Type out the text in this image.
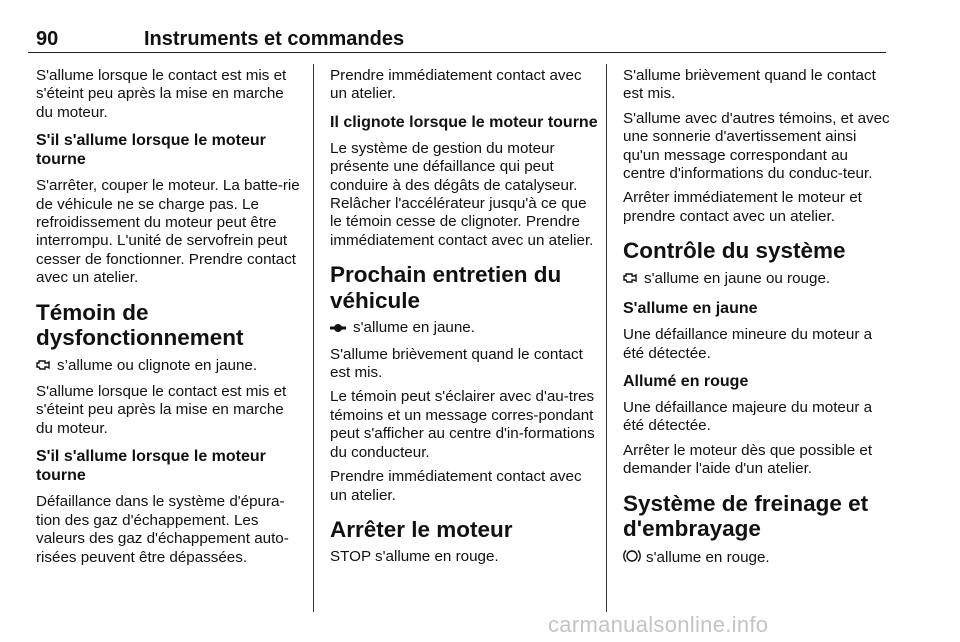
90	Instruments et commandes

S'allume lorsque le contact est mis et s'éteint peu après la mise en marche du moteur.

S'il s'allume lorsque le moteur tourne

S'arrêter, couper le moteur. La batte-rie de véhicule ne se charge pas. Le refroidissement du moteur peut être interrompu. L'unité de servofrein peut cesser de fonctionner. Prendre contact avec un atelier.

Témoin de dysfonctionnement

s’allume ou clignote en jaune.

S'allume lorsque le contact est mis et s'éteint peu après la mise en marche du moteur.

S'il s'allume lorsque le moteur tourne

Défaillance dans le système d'épura-tion des gaz d'échappement. Les valeurs des gaz d'échappement auto-risées peuvent être dépassées.

Prendre immédiatement contact avec un atelier.

Il clignote lorsque le moteur tourne

Le système de gestion du moteur présente une défaillance qui peut conduire à des dégâts de catalyseur. Relâcher l'accélérateur jusqu'à ce que le témoin cesse de clignoter. Prendre immédiatement contact avec un atelier.

Prochain entretien du véhicule

s'allume en jaune.

S'allume brièvement quand le contact est mis.

Le témoin peut s'éclairer avec d'au-tres témoins et un message corres-pondant peut s'afficher au centre d'in-formations du conducteur.

Prendre immédiatement contact avec un atelier.

Arrêter le moteur

STOP s'allume en rouge.

S'allume brièvement quand le contact est mis.

S'allume avec d'autres témoins, et avec une sonnerie d'avertissement ainsi qu'un message correspondant au centre d'informations du conduc-teur.

Arrêter immédiatement le moteur et prendre contact avec un atelier.

Contrôle du système

s'allume en jaune ou rouge.

S'allume en jaune

Une défaillance mineure du moteur a été détectée.

Allumé en rouge

Une défaillance majeure du moteur a été détectée.

Arrêter le moteur dès que possible et demander l'aide d'un atelier.

Système de freinage et d'embrayage

s'allume en rouge.

carmanualsonline.info
